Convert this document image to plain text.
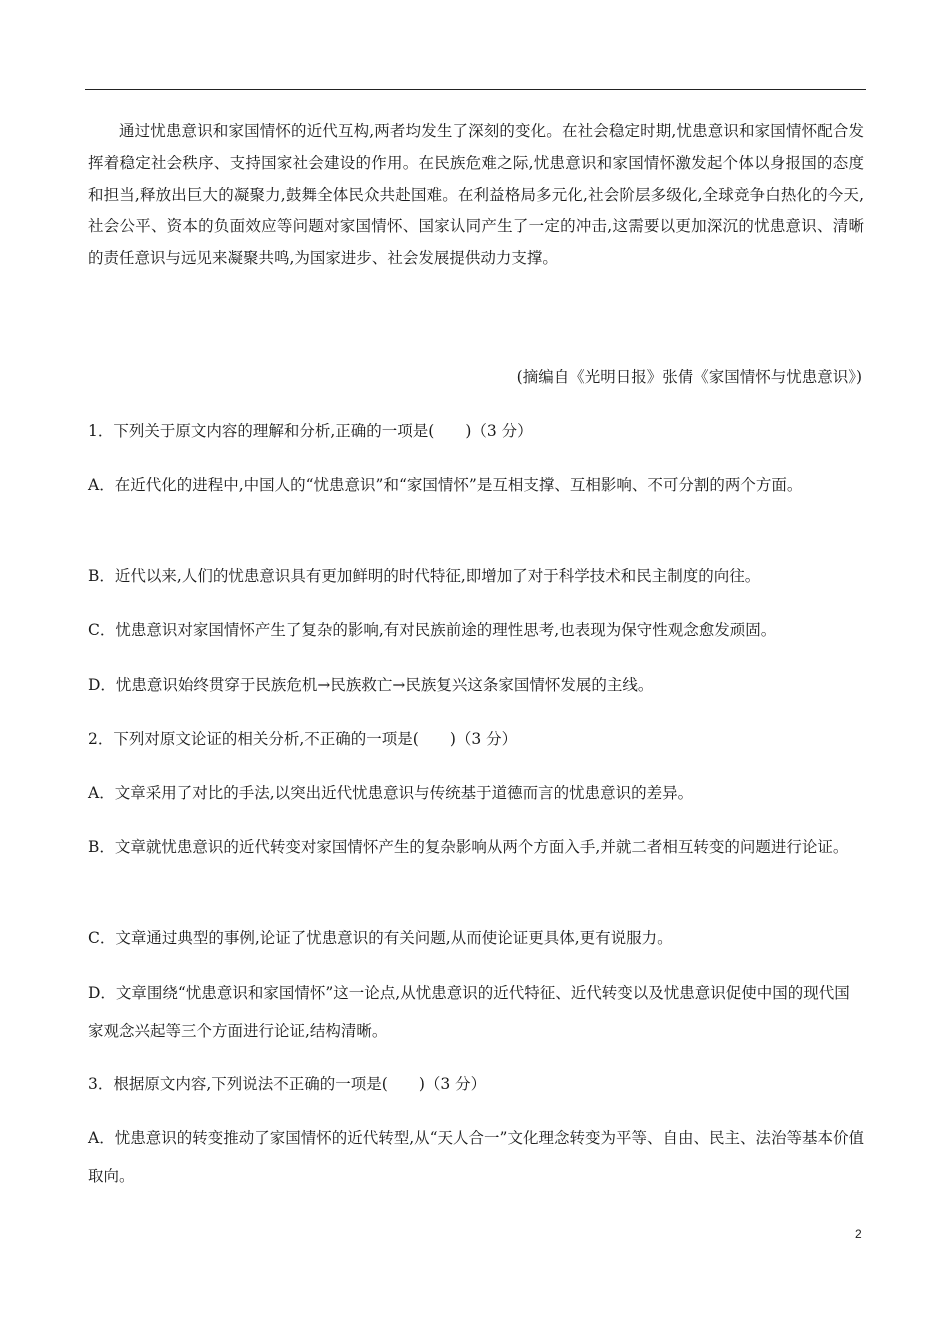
通过忧患意识和家国情怀的近代互构,两者均发生了深刻的变化。在社会稳定时期,忧患意识和家国情怀配合发挥着稳定社会秩序、支持国家社会建设的作用。在民族危难之际,忧患意识和家国情怀激发起个体以身报国的态度和担当,释放出巨大的凝聚力,鼓舞全体民众共赴国难。在利益格局多元化,社会阶层多级化,全球竞争白热化的今天,社会公平、资本的负面效应等问题对家国情怀、国家认同产生了一定的冲击,这需要以更加深沉的忧患意识、清晰的责任意识与远见来凝聚共鸣,为国家进步、社会发展提供动力支撑。

(摘编自《光明日报》张倩《家国情怀与忧患意识》)
1．下列关于原文内容的理解和分析,正确的一项是(　　)（3 分）

A．在近代化的进程中,中国人的“忧患意识”和“家国情怀”是互相支撑、互相影响、不可分割的两个方面。

B．近代以来,人们的忧患意识具有更加鲜明的时代特征,即增加了对于科学技术和民主制度的向往。

C．忧患意识对家国情怀产生了复杂的影响,有对民族前途的理性思考,也表现为保守性观念愈发顽固。

D．忧患意识始终贯穿于民族危机→民族救亡→民族复兴这条家国情怀发展的主线。

2．下列对原文论证的相关分析,不正确的一项是(　　)（3 分）

A．文章采用了对比的手法,以突出近代忧患意识与传统基于道德而言的忧患意识的差异。

B．文章就忧患意识的近代转变对家国情怀产生的复杂影响从两个方面入手,并就二者相互转变的问题进行论证。

C．文章通过典型的事例,论证了忧患意识的有关问题,从而使论证更具体,更有说服力。

D．文章围绕“忧患意识和家国情怀”这一论点,从忧患意识的近代特征、近代转变以及忧患意识促使中国的现代国家观念兴起等三个方面进行论证,结构清晰。

3．根据原文内容,下列说法不正确的一项是(　　)（3 分）

A．忧患意识的转变推动了家国情怀的近代转型,从“天人合一”文化理念转变为平等、自由、民主、法治等基本价值取向。

2
